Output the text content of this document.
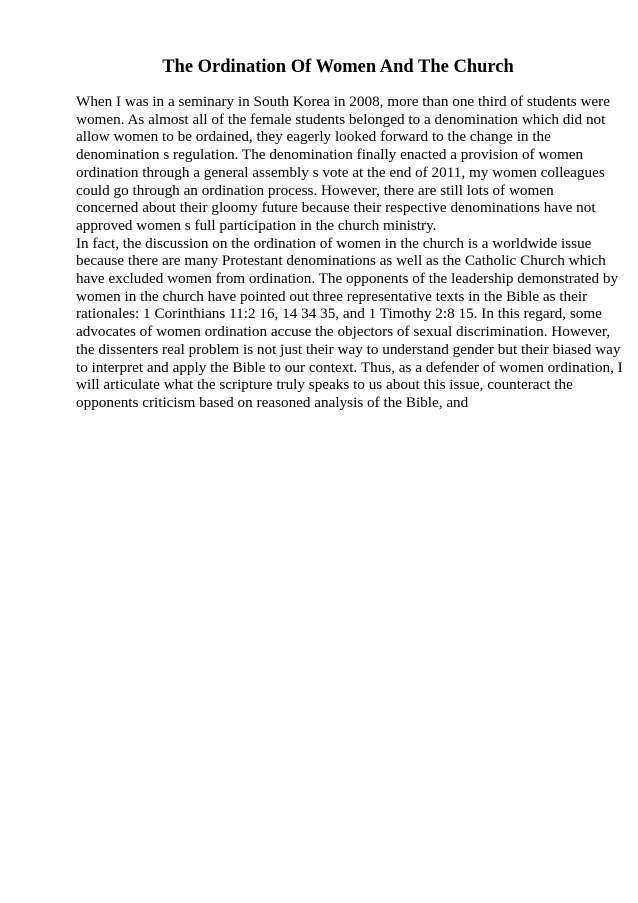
The Ordination Of Women And The Church
When I was in a seminary in South Korea in 2008, more than one third of students were
women. As almost all of the female students belonged to a denomination which did not
allow women to be ordained, they eagerly looked forward to the change in the
denomination s regulation. The denomination finally enacted a provision of women
ordination through a general assembly s vote at the end of 2011, my women colleagues
could go through an ordination process. However, there are still lots of women
concerned about their gloomy future because their respective denominations have not
approved women s full participation in the church ministry.
In fact, the discussion on the ordination of women in the church is a worldwide issue
because there are many Protestant denominations as well as the Catholic Church which
have excluded women from ordination. The opponents of the leadership demonstrated by
women in the church have pointed out three representative texts in the Bible as their
rationales: 1 Corinthians 11:2 16, 14 34 35, and 1 Timothy 2:8 15. In this regard, some
advocates of women ordination accuse the objectors of sexual discrimination. However,
the dissenters real problem is not just their way to understand gender but their biased way
to interpret and apply the Bible to our context. Thus, as a defender of women ordination, I
will articulate what the scripture truly speaks to us about this issue, counteract the
opponents criticism based on reasoned analysis of the Bible, and
